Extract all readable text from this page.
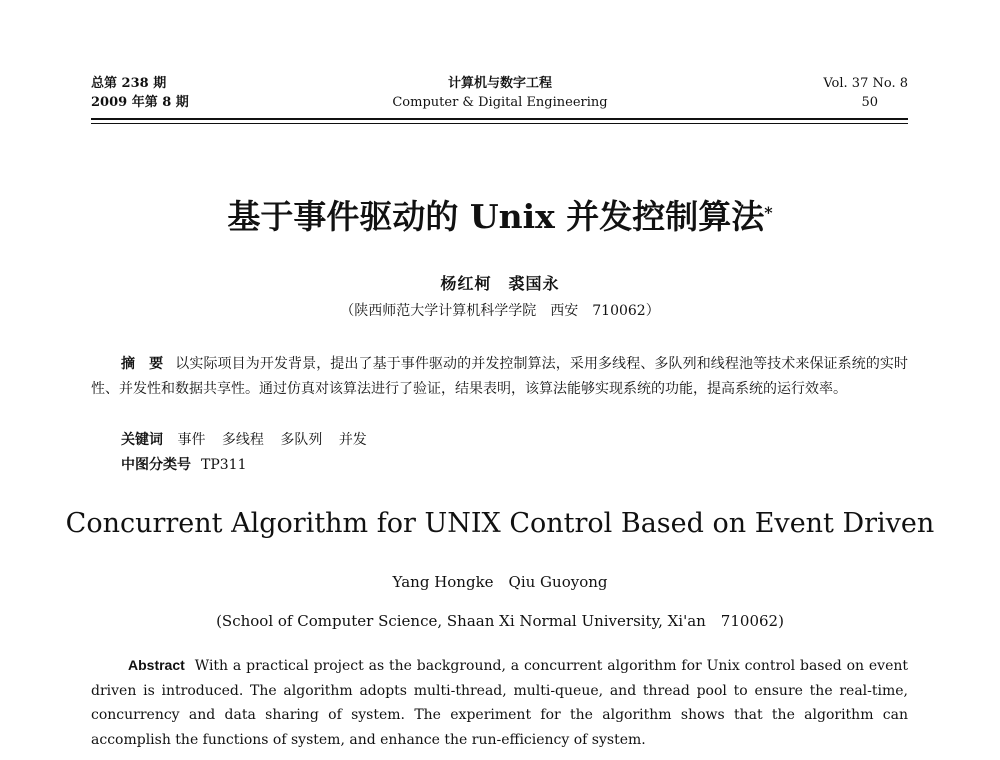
总第 238 期
2009 年第 8 期
计算机与数字工程
Computer & Digital Engineering
Vol. 37 No. 8
50
基于事件驱动的 Unix 并发控制算法*
杨红柯　裘国永
（陕西师范大学计算机科学学院　西安　710062）
摘　要 以实际项目为开发背景，提出了基于事件驱动的并发控制算法，采用多线程、多队列和线程池等技术来保证系统的实时性、并发性和数据共享性。通过仿真对该算法进行了验证，结果表明，该算法能够实现系统的功能，提高系统的运行效率。
关键词 事件 多线程 多队列 并发
中图分类号 TP311
Concurrent Algorithm for UNIX Control Based on Event Driven
Yang Hongke　Qiu Guoyong
(School of Computer Science, Shaan Xi Normal University, Xi'an　710062)
Abstract With a practical project as the background, a concurrent algorithm for Unix control based on event driven is introduced. The algorithm adopts multi-thread, multi-queue, and thread pool to ensure the real-time, concurrency and data sharing of system. The experiment for the algorithm shows that the algorithm can accomplish the functions of system, and enhance the run-efficiency of system.
